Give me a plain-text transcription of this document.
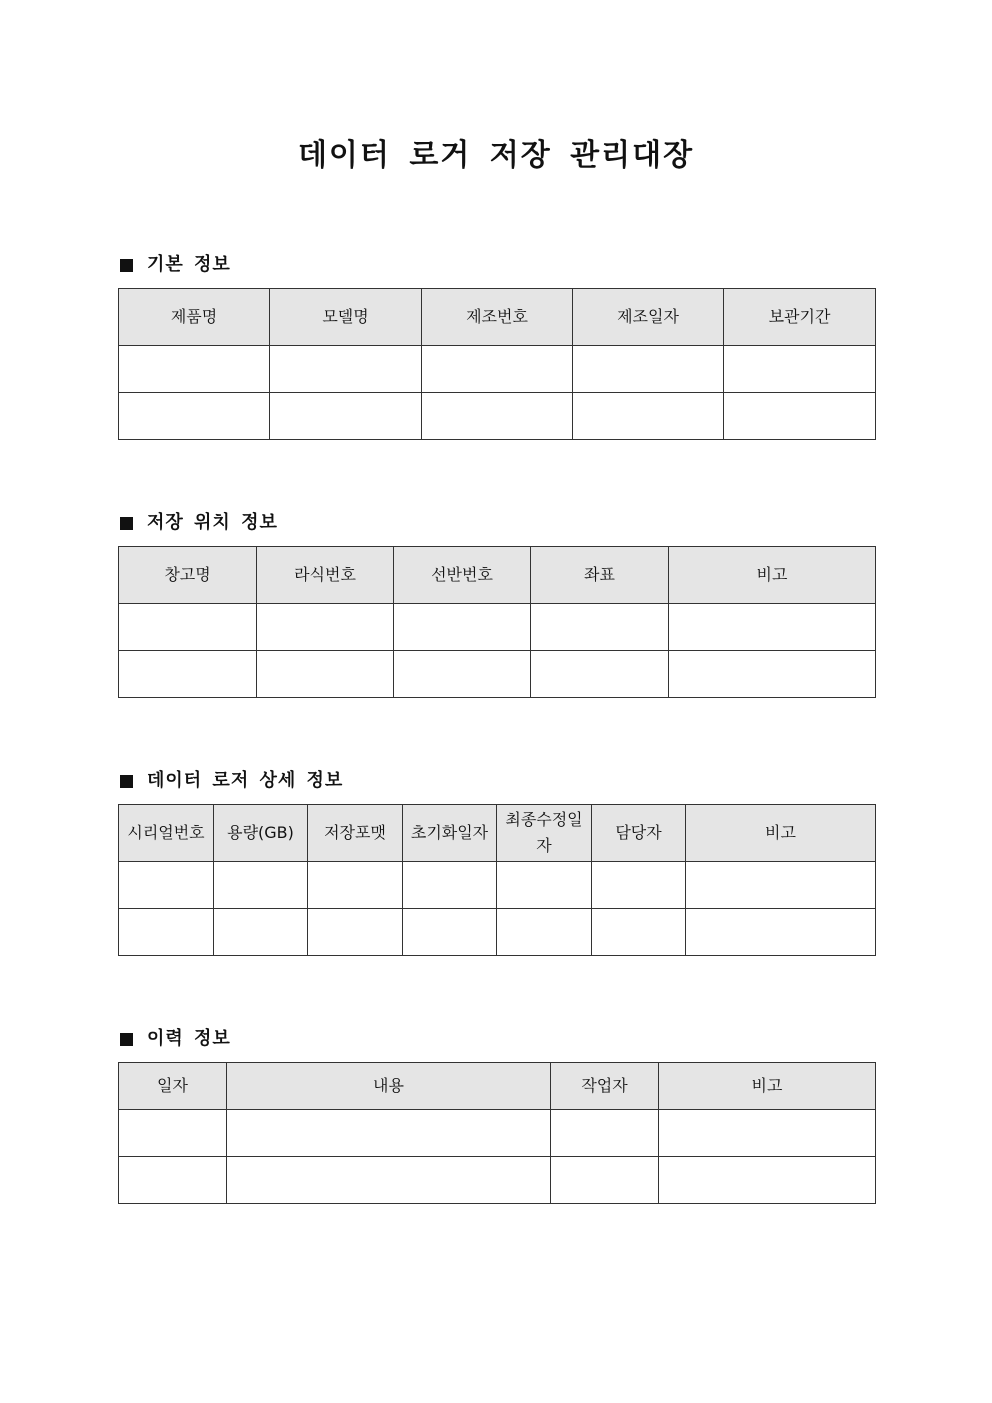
데이터 로거 저장 관리대장
기본 정보
제품명	모델명	제조번호	제조일자	보관기간

저장 위치 정보
창고명	라식번호	선반번호	좌표	비고

데이터 로저 상세 정보
시리얼번호	용량(GB)	저장포맷	초기화일자	최종수정일자	담당자	비고

이력 정보
일자	내용	작업자	비고
